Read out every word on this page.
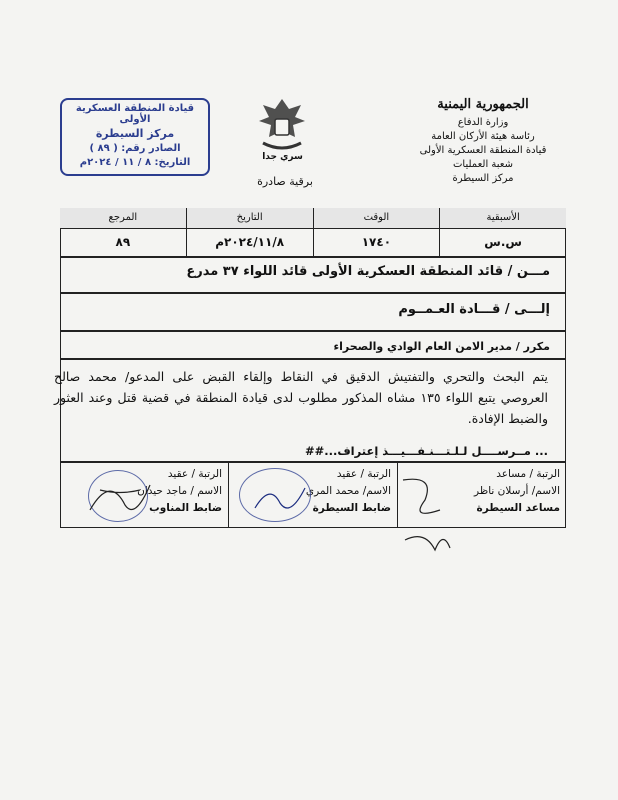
الجمهورية اليمنية
وزارة الدفاع
رئاسة هيئة الأركان العامة
قيادة المنطقة العسكرية الأولى
شعبة العمليات
مركز السيطرة
سري جدا
برقية صادرة
قيادة المنطقة العسكرية الأولى
مركز السيطرة
الصادر رقم: ( ٨٩ )
التاريخ: ٨ / ١١ / ٢٠٢٤م
الأسبقية
س.س
الوقت
١٧٤٠
التاريخ
٢٠٢٤/١١/٨م
المرجع
٨٩
مـــن / قائد المنطقة العسكرية الأولى قائد اللواء ٣٧ مدرع
إلـــى / قـــادة العـمــوم
مكرر / مدير الامن العام الوادي والصحراء
يتم البحث والتحري والتفتيش الدقيق في النقاط وإلقاء القبض على المدعو/ محمد صالح العروصي يتبع اللواء ١٣٥ مشاه المذكور مطلوب لدى قيادة المنطقة في قضية قتل وعند العثور والضبط الإفادة.
... مــرســــل لـلـتـــنـفـــيـــذ إعتراف...##
الرتبة / مساعد
الاسم/ أرسلان ناظر
مساعد السيطرة
الرتبة / عقيد
الاسم/ محمد المري
ضابط السيطرة
الرتبة / عقيد
الاسم / ماجد حيدان
ضابط المناوب
